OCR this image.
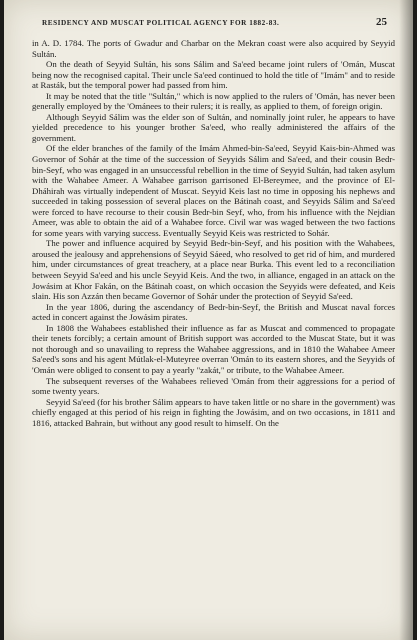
RESIDENCY AND MUSCAT POLITICAL AGENCY FOR 1882-83.	25

in A. D. 1784. The ports of Gwadur and Charbar on the Mekran coast were also acquired by Seyyid Sultán.

On the death of Seyyid Sultán, his sons Sálim and Sa'eed became joint rulers of 'Omán, Muscat being now the recognised capital. Their uncle Sa'eed continued to hold the title of "Imám" and to reside at Rasták, but the temporal power had passed from him.

It may be noted that the title "Sultán," which is now applied to the rulers of 'Omán, has never been generally employed by the 'Ománees to their rulers; it is really, as applied to them, of foreign origin.

Although Seyyid Sálim was the elder son of Sultán, and nominally joint ruler, he appears to have yielded precedence to his younger brother Sa'eed, who really administered the affairs of the government.

Of the elder branches of the family of the Imám Ahmed-bin-Sa'eed, Seyyid Kais-bin-Ahmed was Governor of Sohár at the time of the succession of Seyyids Sálim and Sa'eed, and their cousin Bedr-bin-Seyf, who was engaged in an unsuccessful rebellion in the time of Seyyid Sultán, had taken asylum with the Wahabee Ameer. A Wahabee garrison garrisoned El-Bereymee, and the province of El-Dháhirah was virtually independent of Muscat. Seyyid Keis last no time in opposing his nephews and succeeded in taking possession of several places on the Bátinah coast, and Seyyids Sálim and Sa'eed were forced to have recourse to their cousin Bedr-bin Seyf, who, from his influence with the Nejdian Ameer, was able to obtain the aid of a Wahabee force. Civil war was waged between the two factions for some years with varying success. Eventually Seyyid Keis was restricted to Sohár.

The power and influence acquired by Seyyid Bedr-bin-Seyf, and his position with the Wahabees, aroused the jealousy and apprehensions of Seyyid Sáeed, who resolved to get rid of him, and murdered him, under circumstances of great treachery, at a place near Burka. This event led to a reconciliation between Seyyid Sa'eed and his uncle Seyyid Keis. And the two, in alliance, engaged in an attack on the Jowásim at Khor Fakán, on the Bátinah coast, on which occasion the Seyyids were defeated, and Keis slain. His son Azzán then became Governor of Sohár under the protection of Seyyid Sa'eed.

In the year 1806, during the ascendancy of Bedr-bin-Seyf, the British and Muscat naval forces acted in concert against the Jowásim pirates.

In 1808 the Wahabees established their influence as far as Muscat and commenced to propagate their tenets forcibly; a certain amount of British support was accorded to the Muscat State, but it was not thorough and so unavailing to repress the Wahabee aggressions, and in 1810 the Wahabee Ameer Sa'eed's sons and his agent Mútlak-el-Muteyree overran 'Omán to its eastern shores, and the Seyyids of 'Omán were obliged to consent to pay a yearly "zakát," or tribute, to the Wahabee Ameer.

The subsequent reverses of the Wahabees relieved 'Omán from their aggressions for a period of some twenty years.

Seyyid Sa'eed (for his brother Sálim appears to have taken little or no share in the government) was chiefly engaged at this period of his reign in fighting the Jowásim, and on two occasions, in 1811 and 1816, attacked Bahrain, but without any good result to himself. On the
